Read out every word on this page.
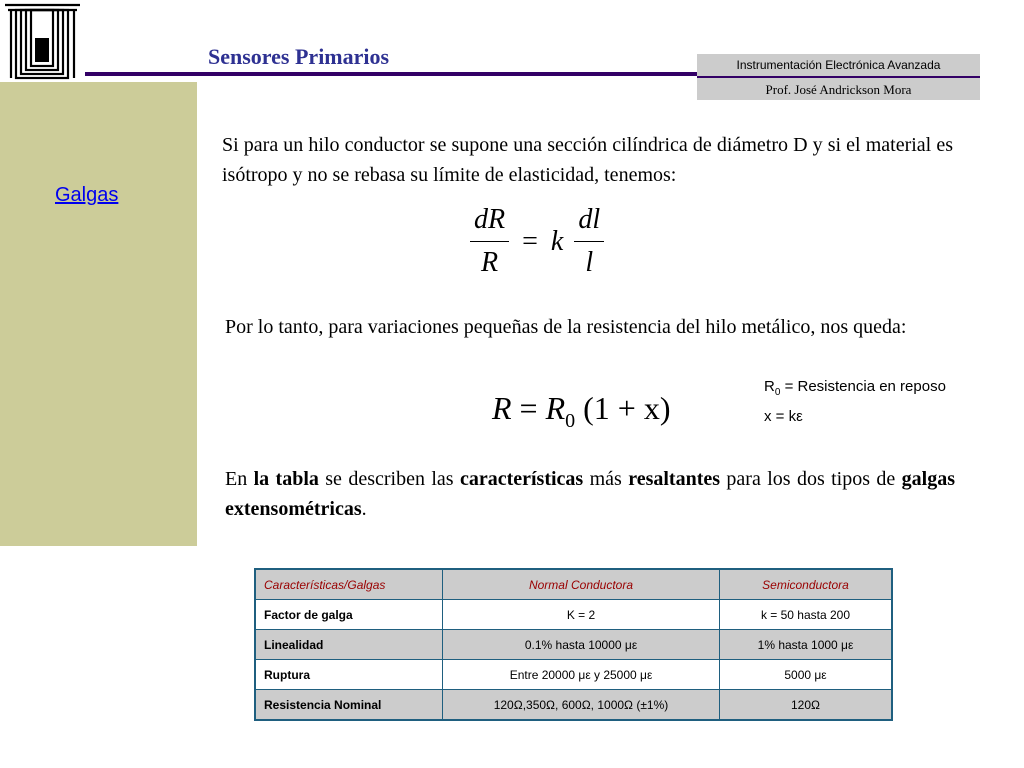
Sensores Primarios	Instrumentación Electrónica Avanzada
Prof. José Andrickson Mora
Galgas
Si para un hilo conductor se supone una sección cilíndrica de diámetro D y si el material es isótropo y no se rebasa su límite de elasticidad, tenemos:
$\frac{dR}{R} = k \frac{dl}{l}$
Por lo tanto, para variaciones pequeñas de la resistencia del hilo metálico, nos queda:
$R = R_0$ (1 + x)
$R_0$ = Resistencia en reposo
x = kε
En la tabla se describen las características más resaltantes para los dos tipos de galgas extensométricas.
Características/Galgas	Normal Conductora	Semiconductora
Factor de galga	K = 2	k = 50 hasta 200
Linealidad	0.1% hasta 10000 με	1% hasta 1000 με
Ruptura	Entre 20000 με y 25000 με	5000 με
Resistencia Nominal	120Ω,350Ω, 600Ω, 1000Ω (±1%)	120Ω
